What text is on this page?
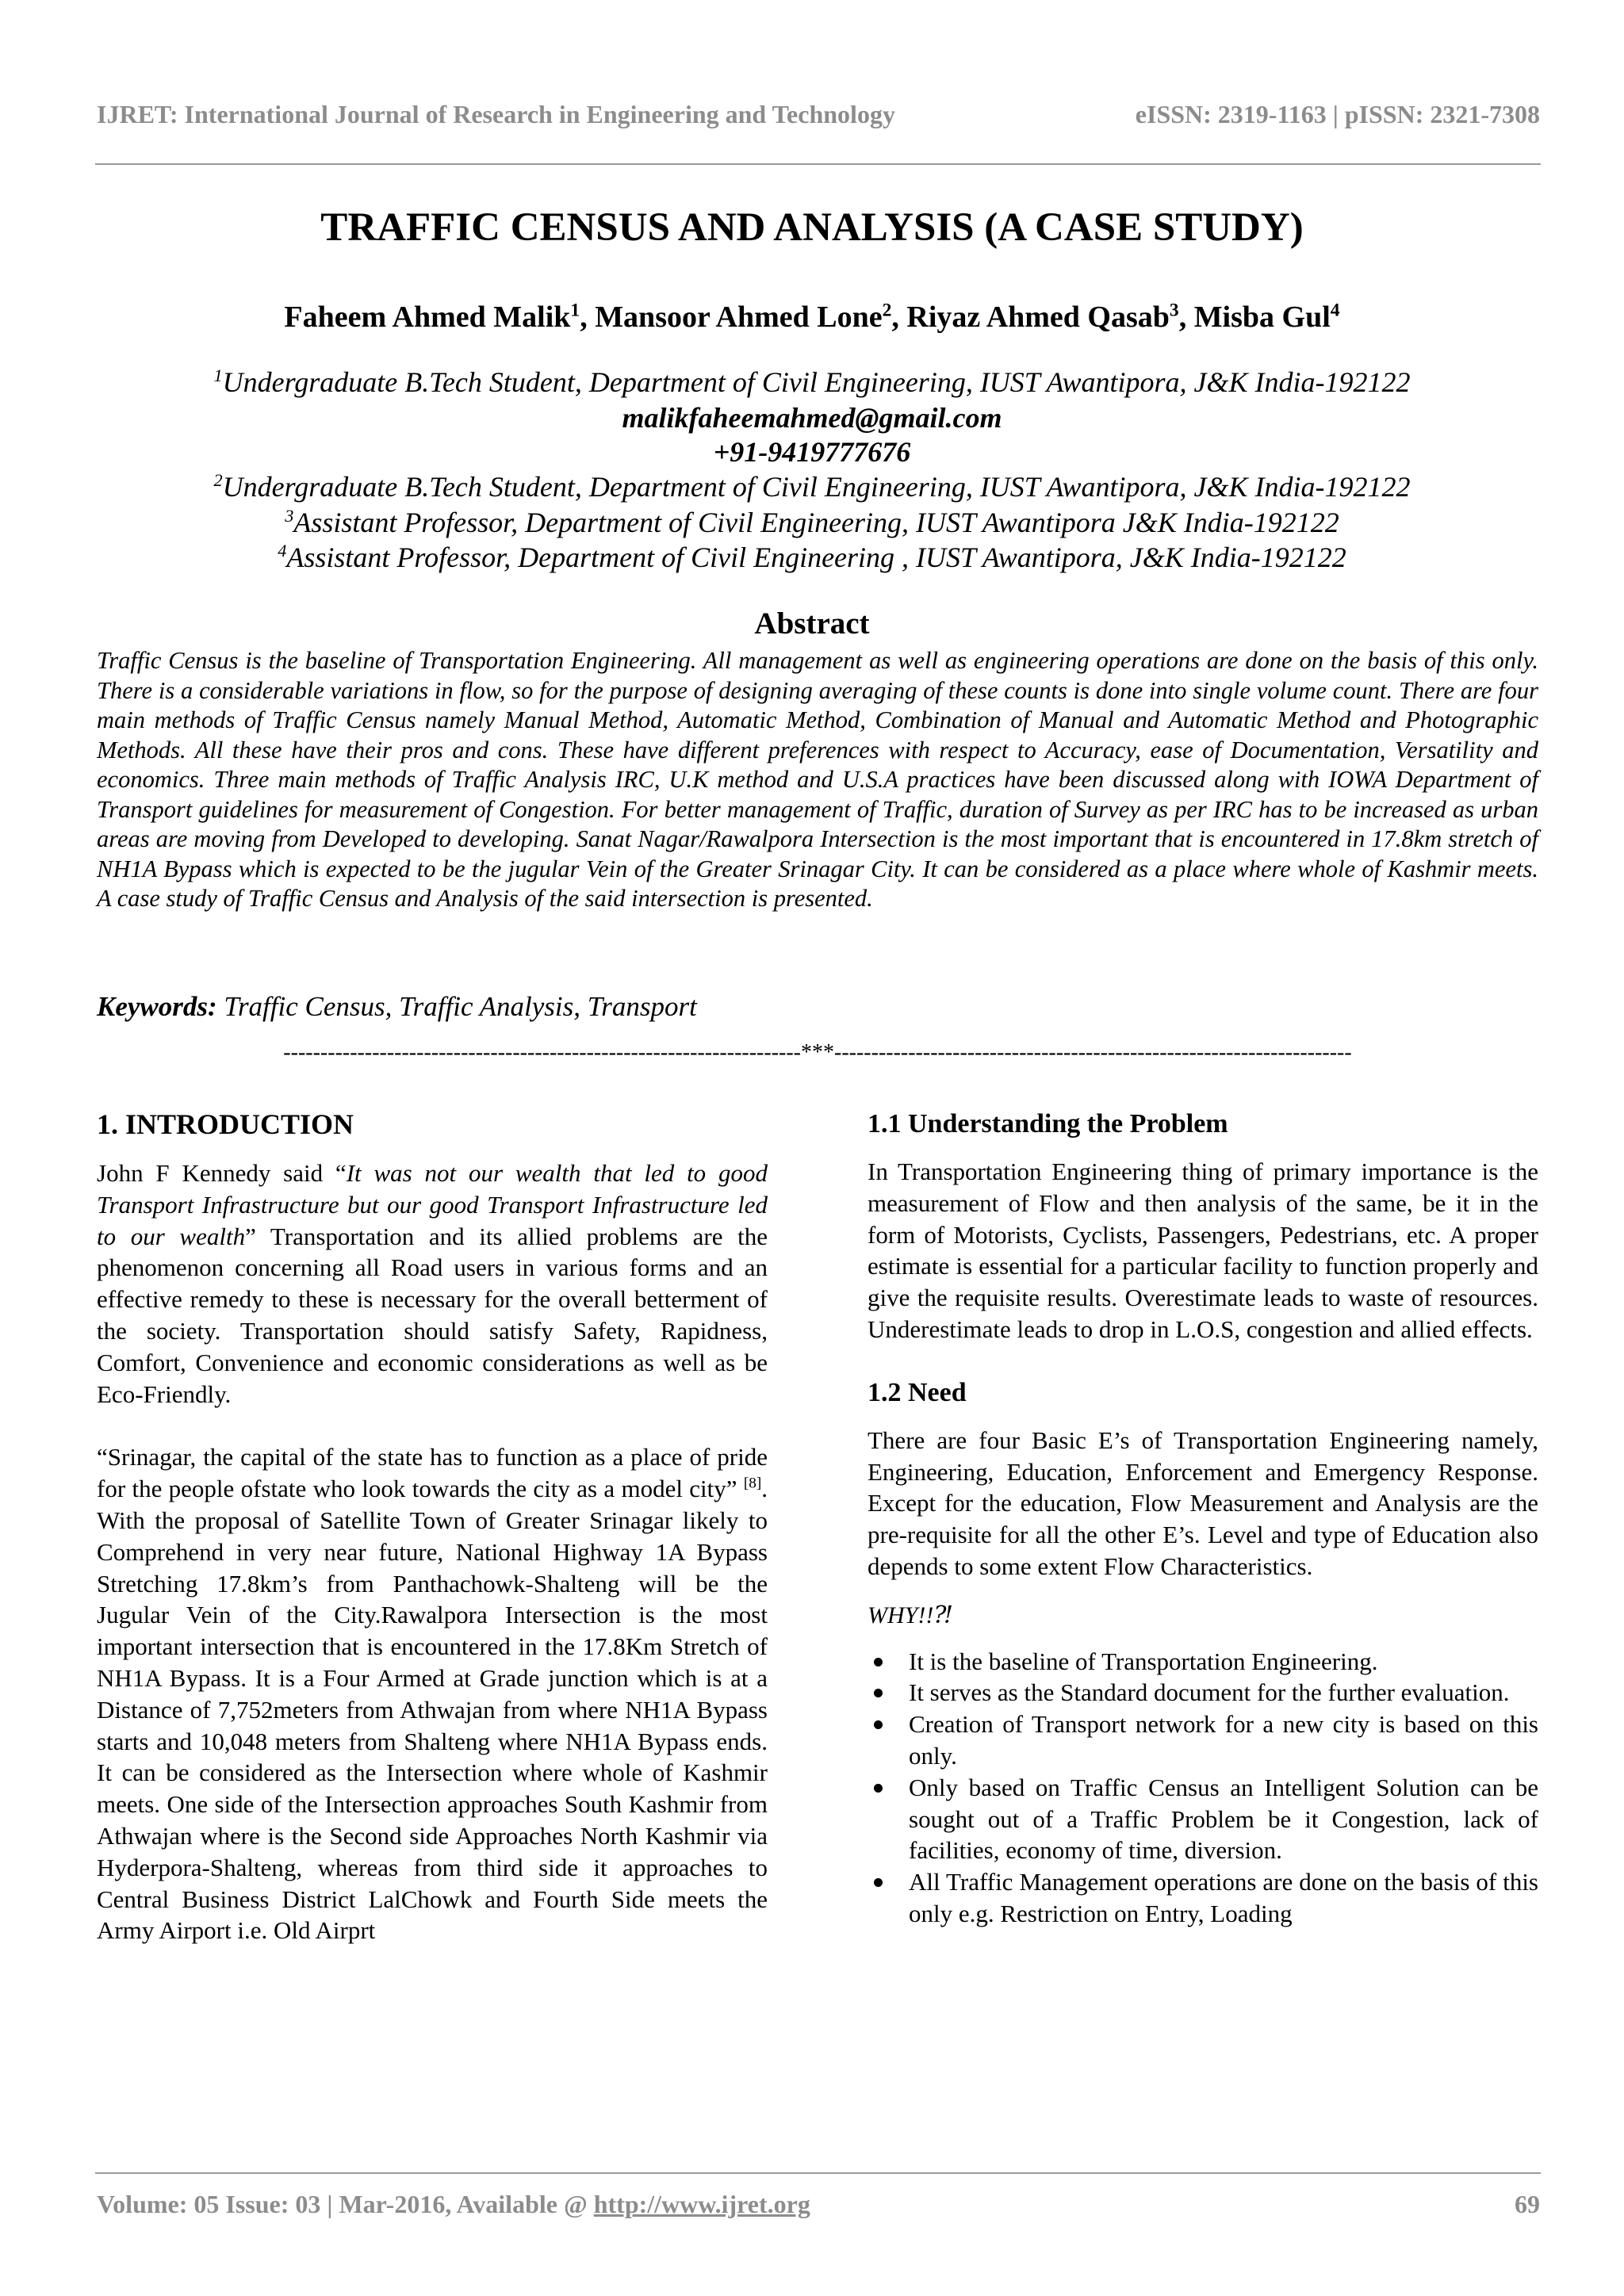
IJRET: International Journal of Research in Engineering and Technology	eISSN: 2319-1163 | pISSN: 2321-7308
TRAFFIC CENSUS AND ANALYSIS (A CASE STUDY)
Faheem Ahmed Malik$^1$, Mansoor Ahmed Lone$^2$, Riyaz Ahmed Qasab$^3$, Misba Gul$^4$
$^1$Undergraduate B.Tech Student, Department of Civil Engineering, IUST Awantipora, J&K India-192122
malikfaheemahmed@gmail.com
+91-9419777676
$^2$Undergraduate B.Tech Student, Department of Civil Engineering, IUST Awantipora, J&K India-192122
$^3$Assistant Professor, Department of Civil Engineering, IUST Awantipora J&K India-192122
$^4$Assistant Professor, Department of Civil Engineering , IUST Awantipora, J&K India-192122
Abstract
Traffic Census is the baseline of Transportation Engineering. All management as well as engineering operations are done on the basis of this only. There is a considerable variations in flow, so for the purpose of designing averaging of these counts is done into single volume count. There are four main methods of Traffic Census namely Manual Method, Automatic Method, Combination of Manual and Automatic Method and Photographic Methods. All these have their pros and cons. These have different preferences with respect to Accuracy, ease of Documentation, Versatility and economics. Three main methods of Traffic Analysis IRC, U.K method and U.S.A practices have been discussed along with IOWA Department of Transport guidelines for measurement of Congestion. For better management of Traffic, duration of Survey as per IRC has to be increased as urban areas are moving from Developed to developing. Sanat Nagar/Rawalpora Intersection is the most important that is encountered in 17.8km stretch of NH1A Bypass which is expected to be the jugular Vein of the Greater Srinagar City. It can be considered as a place where whole of Kashmir meets. A case study of Traffic Census and Analysis of the said intersection is presented.
Keywords: Traffic Census, Traffic Analysis, Transport
----------------------------------------------------------------------***----------------------------------------------------------------------
1. INTRODUCTION

John F Kennedy said “It was not our wealth that led to good Transport Infrastructure but our good Transport Infrastructure led to our wealth” Transportation and its allied problems are the phenomenon concerning all Road users in various forms and an effective remedy to these is necessary for the overall betterment of the society. Transportation should satisfy Safety, Rapidness, Comfort, Convenience and economic considerations as well as be Eco-Friendly.

“Srinagar, the capital of the state has to function as a place of pride for the people ofstate who look towards the city as a model city” [8]. With the proposal of Satellite Town of Greater Srinagar likely to Comprehend in very near future, National Highway 1A Bypass Stretching 17.8km’s from Panthachowk-Shalteng will be the Jugular Vein of the City.Rawalpora Intersection is the most important intersection that is encountered in the 17.8Km Stretch of NH1A Bypass. It is a Four Armed at Grade junction which is at a Distance of 7,752meters from Athwajan from where NH1A Bypass starts and 10,048 meters from Shalteng where NH1A Bypass ends. It can be considered as the Intersection where whole of Kashmir meets. One side of the Intersection approaches South Kashmir from Athwajan where is the Second side Approaches North Kashmir via Hyderpora-Shalteng, whereas from third side it approaches to Central Business District LalChowk and Fourth Side meets the Army Airport i.e. Old Airprt

1.1 Understanding the Problem

In Transportation Engineering thing of primary importance is the measurement of Flow and then analysis of the same, be it in the form of Motorists, Cyclists, Passengers, Pedestrians, etc. A proper estimate is essential for a particular facility to function properly and give the requisite results. Overestimate leads to waste of resources. Underestimate leads to drop in L.O.S, congestion and allied effects.

1.2 Need

There are four Basic E’s of Transportation Engineering namely, Engineering, Education, Enforcement and Emergency Response. Except for the education, Flow Measurement and Analysis are the pre-requisite for all the other E’s. Level and type of Education also depends to some extent Flow Characteristics.

WHY!!⁈
It is the baseline of Transportation Engineering.
It serves as the Standard document for the further evaluation.
Creation of Transport network for a new city is based on this only.
Only based on Traffic Census an Intelligent Solution can be sought out of a Traffic Problem be it Congestion, lack of facilities, economy of time, diversion.
All Traffic Management operations are done on the basis of this only e.g. Restriction on Entry, Loading
Volume: 05 Issue: 03 | Mar-2016, Available @ http://www.ijret.org	69
